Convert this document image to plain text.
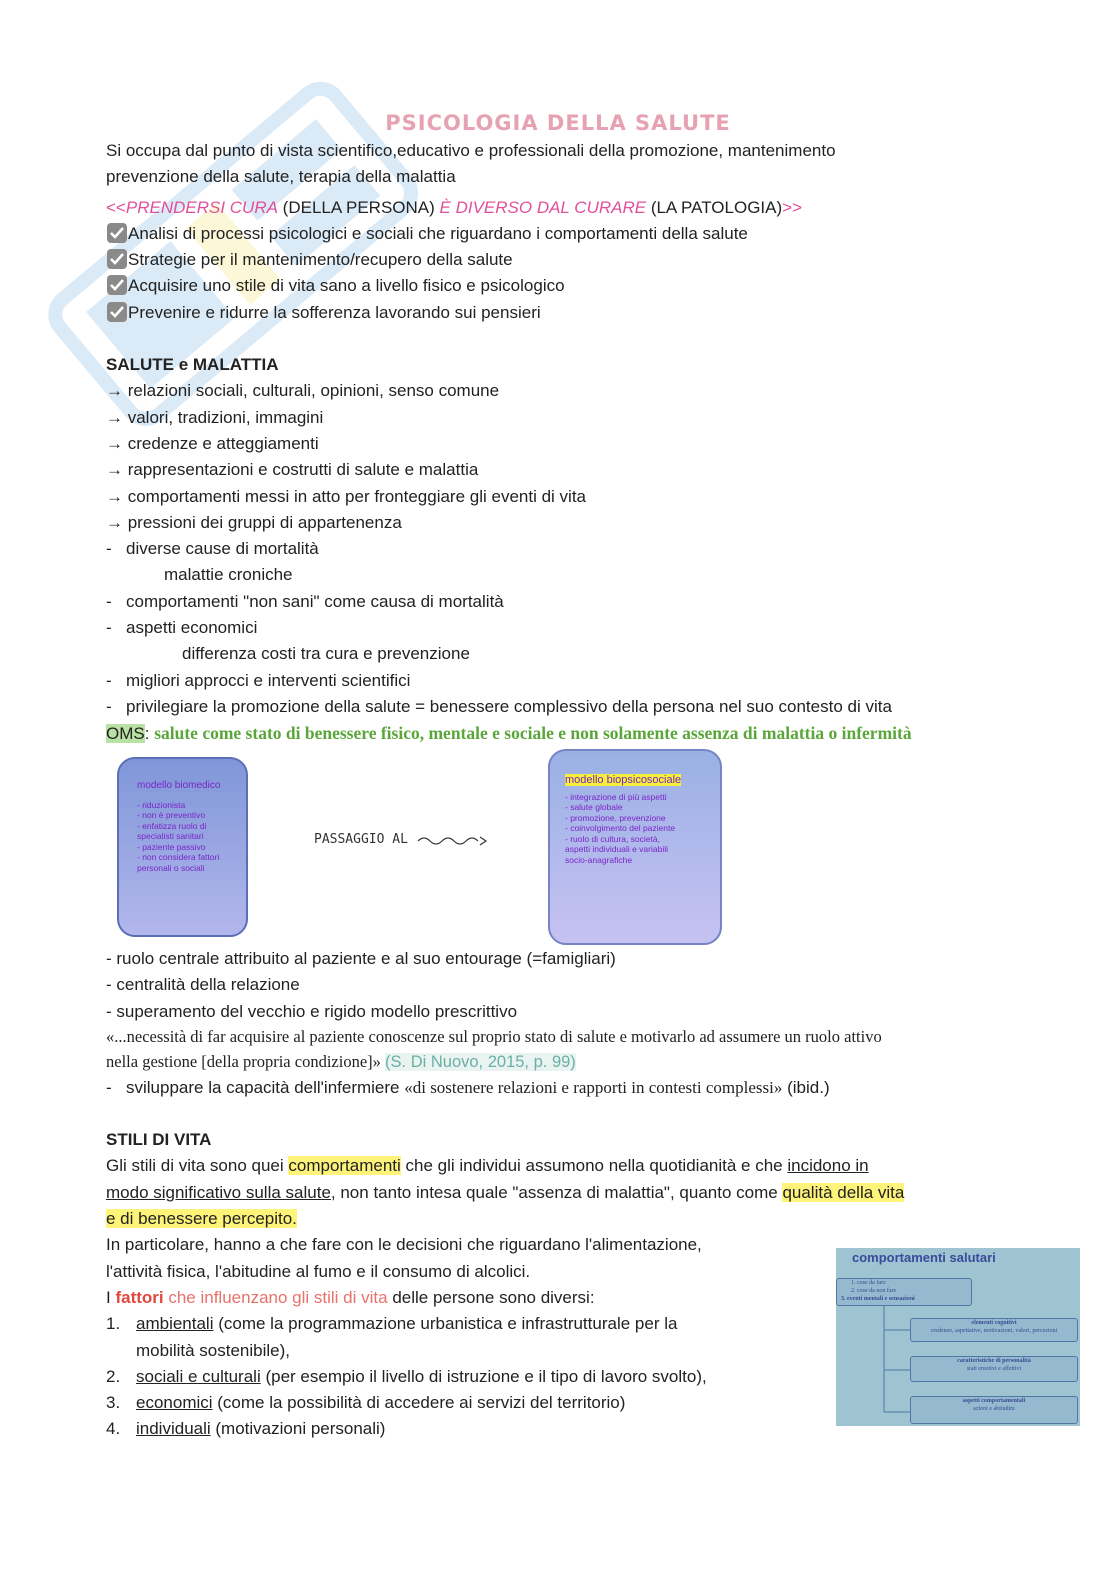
PSICOLOGIA DELLA SALUTE
Si occupa dal punto di vista scientifico,educativo e professionali della promozione, mantenimento
prevenzione della salute, terapia della malattia
<<PRENDERSI CURA (DELLA PERSONA) È DIVERSO DAL CURARE (LA PATOLOGIA)>>
Analisi di processi psicologici e sociali che riguardano i comportamenti della salute
Strategie per il mantenimento/recupero della salute
Acquisire uno stile di vita sano a livello fisico e psicologico
Prevenire e ridurre la sofferenza lavorando sui pensieri
SALUTE e MALATTIA
→ relazioni sociali, culturali, opinioni, senso comune
→ valori, tradizioni, immagini
→ credenze e atteggiamenti
→ rappresentazioni e costrutti di salute e malattia
→ comportamenti messi in atto per fronteggiare gli eventi di vita
→ pressioni dei gruppi di appartenenza
- diverse cause di mortalità
malattie croniche
- comportamenti "non sani" come causa di mortalità
- aspetti economici
differenza costi tra cura e prevenzione
- migliori approcci e interventi scientifici
- privilegiare la promozione della salute = benessere complessivo della persona nel suo contesto di vita
OMS: salute come stato di benessere fisico, mentale e sociale e non solamente assenza di malattia o infermità
modello biomedico
- riduzionista
- non è preventivo
- enfatizza ruolo di
specialisti sanitari
- paziente passivo
- non considera fattori
personali o sociali
PASSAGGIO AL
modello biopsicosociale
- integrazione di più aspetti
- salute globale
- promozione, prevenzione
- coinvolgimento del paziente
- ruolo di cultura, società,
aspetti individuali e variabili
socio-anagrafiche
- ruolo centrale attribuito al paziente e al suo entourage (=famigliari)
- centralità della relazione
- superamento del vecchio e rigido modello prescrittivo
«...necessità di far acquisire al paziente conoscenze sul proprio stato di salute e motivarlo ad assumere un ruolo attivo
nella gestione [della propria condizione]» (S. Di Nuovo, 2015, p. 99)
- sviluppare la capacità dell'infermiere «di sostenere relazioni e rapporti in contesti complessi» (ibid.)
STILI DI VITA
Gli stili di vita sono quei comportamenti che gli individui assumono nella quotidianità e che incidono in
modo significativo sulla salute, non tanto intesa quale "assenza di malattia", quanto come qualità della vita
e di benessere percepito.
In particolare, hanno a che fare con le decisioni che riguardano l'alimentazione,
l'attività fisica, l'abitudine al fumo e il consumo di alcolici.
I fattori che influenzano gli stili di vita delle persone sono diversi:
1. ambientali (come la programmazione urbanistica e infrastrutturale per la
mobilità sostenibile),
2. sociali e culturali (per esempio il livello di istruzione e il tipo di lavoro svolto),
3. economici (come la possibilità di accedere ai servizi del territorio)
4. individuali (motivazioni personali)
comportamenti salutari
1. cose da fare
2. cose da non fare
3. eventi mentali e sensazioni
elementi cognitivi
credenze, aspettative, motivazioni, valori, percezioni
caratteristiche di personalità
stati emotivi e affettivi
aspetti comportamentali
azioni e abitudini
